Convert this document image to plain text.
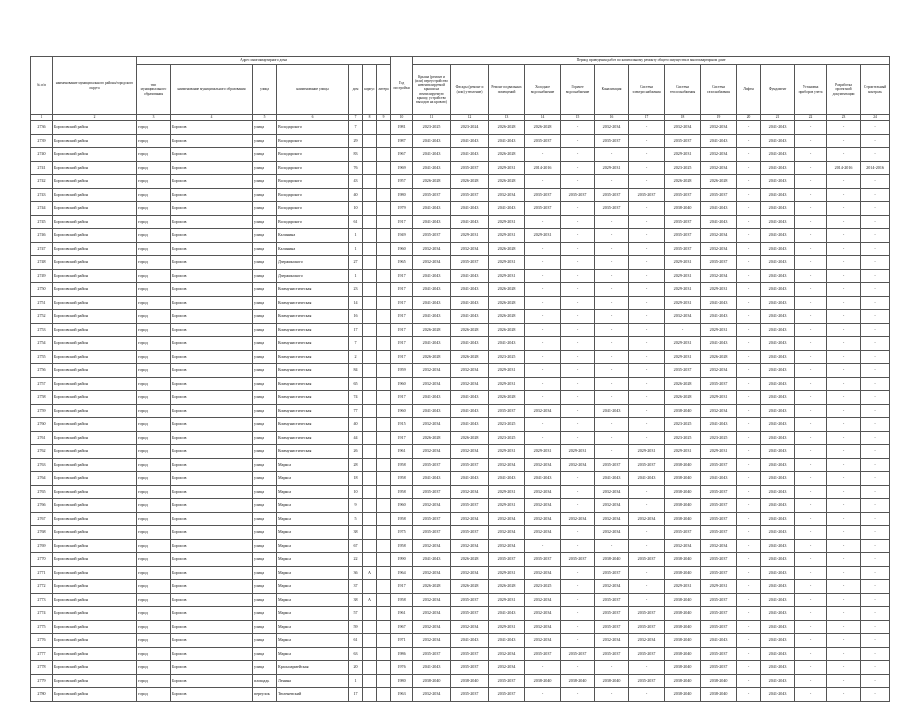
№ п/п	наименование муниципального района/городского округа	Адрес многоквартирного дома							Год постройки	Период проведения работ по капитальному ремонту общего имущества в многоквартирном доме													
		тип муниципального образования	наименование муниципального образования	улица	наименование улицы	дом	корпус	литера		Крыша (ремонт и (или) переустройство невентилируемой крыши на вентилируемую крышу, устройство выходов на кровлю)	Фасады (ремонт и (или) утепление)	Ремонт подвальных помещений	Холодное водоснабжение	Горячее водоснабжение	Канализация	Система электроснабжения	Система теплоснабжения	Система газоснабжения	Лифты	Фундамент	Установка приборов учета	Разработка проектной документации	Строительный контроль
1	2	3	4	5	6	7	8	9	10	11	12	13	14	15	16	17	18	19	20	21	22	23	24
2736	Борисовский район	город	Борисов	улица	Володарского	7			1981	2023-2025	2023-2024	2026-2028	2026-2028	-	2032-2034	-	2032-2034	2032-2034	-	2041-2043	-	-	-
2739	Борисовский район	город	Борисов	улица	Володарского	29			1987	2041-2043	2041-2043	2041-2043	2035-2037	-	2035-2037	-	2035-2037	2041-2043	-	2041-2043	-	-	-
2740	Борисовский район	город	Борисов	улица	Володарского	83			1967	2041-2043	2041-2043	2026-2028	-	-	-	-	2029-2031	2032-2034	-	2041-2043	-	-	-
2741	Борисовский район	город	Борисов	улица	Володарского	76			1969	2041-2043	2035-2037	2029-2031	2014-2016	-	2029-2031	-	2023-2025	2032-2034	-	2041-2043	-	2014-2016	2014-2016
2742	Борисовский район	город	Борисов	улица	Володарского	43			1957	2026-2028	2026-2028	2026-2028	-	-	-	-	2026-2028	2026-2028	-	2041-2043	-	-	-
2743	Борисовский район	город	Борисов	улица	Володарского	40			1980	2035-2037	2035-2037	2032-2034	2035-2037	2035-2037	2035-2037	2035-2037	2035-2037	2035-2037	-	2041-2043	-	-	-
2744	Борисовский район	город	Борисов	улица	Володарского	10			1979	2041-2043	2041-2043	2041-2043	2035-2037	-	2035-2037	-	2038-2040	2041-2043	-	2041-2043	-	-	-
2745	Борисовский район	город	Борисов	улица	Володарского	61			1917	2041-2043	2041-2043	2029-2031	-	-	-	-	2035-2037	2041-2043	-	2041-2043	-	-	-
2746	Борисовский район	город	Борисов	улица	Калинина	1			1949	2035-2037	2029-2031	2029-2031	2029-2031	-	-	-	2035-2037	2032-2034	-	2041-2043	-	-	-
2747	Борисовский район	город	Борисов	улица	Калинина	1			1960	2032-2034	2032-2034	2026-2028	-	-	-	-	2035-2037	2032-2034	-	2041-2043	-	-	-
2748	Борисовский район	город	Борисов	улица	Дзержинского	27			1965	2032-2034	2035-2037	2029-2031	-	-	-	-	2029-2031	2035-2037	-	2041-2043	-	-	-
2749	Борисовский район	город	Борисов	улица	Дзержинского	1			1917	2041-2043	2041-2043	2029-2031	-	-	-	-	2029-2031	2032-2034	-	2041-2043	-	-	-
2750	Борисовский район	город	Борисов	улица	Коммунистическая	23			1917	2041-2043	2041-2043	2026-2028	-	-	-	-	2029-2031	2029-2031	-	2041-2043	-	-	-
2751	Борисовский район	город	Борисов	улица	Коммунистическая	14			1917	2041-2043	2041-2043	2026-2028	-	-	-	-	2029-2031	2041-2043	-	2041-2043	-	-	-
2752	Борисовский район	город	Борисов	улица	Коммунистическая	16			1917	2041-2043	2041-2043	2026-2028	-	-	-	-	2032-2034	2041-2043	-	2041-2043	-	-	-
2753	Борисовский район	город	Борисов	улица	Коммунистическая	17			1917	2026-2028	2026-2028	2026-2028	-	-	-	-	-	2029-2031	-	2041-2043	-	-	-
2754	Борисовский район	город	Борисов	улица	Коммунистическая	7			1917	2041-2043	2041-2043	2041-2043	-	-	-	-	2029-2031	2041-2043	-	2041-2043	-	-	-
2755	Борисовский район	город	Борисов	улица	Коммунистическая	2			1917	2026-2028	2026-2028	2023-2025	-	-	-	-	2029-2031	2026-2028	-	2041-2043	-	-	-
2756	Борисовский район	город	Борисов	улица	Коммунистическая	84			1959	2032-2034	2032-2034	2029-2031	-	-	-	-	2035-2037	2032-2034	-	2041-2043	-	-	-
2757	Борисовский район	город	Борисов	улица	Коммунистическая	65			1960	2032-2034	2032-2034	2029-2031	-	-	-	-	2026-2028	2035-2037	-	2041-2043	-	-	-
2758	Борисовский район	город	Борисов	улица	Коммунистическая	74			1917	2041-2043	2041-2043	2026-2028	-	-	-	-	2026-2028	2029-2031	-	2041-2043	-	-	-
2759	Борисовский район	город	Борисов	улица	Коммунистическая	77			1960	2041-2043	2041-2043	2035-2037	2032-2034	-	2041-2043	-	2038-2040	2032-2034	-	2041-2043	-	-	-
2760	Борисовский район	город	Борисов	улица	Коммунистическая	40			1915	2032-2034	2041-2043	2023-2025	-	-	-	-	2023-2025	2041-2043	-	2041-2043	-	-	-
2761	Борисовский район	город	Борисов	улица	Коммунистическая	44			1917	2026-2028	2026-2028	2023-2025	-	-	-	-	2023-2025	2023-2025	-	2041-2043	-	-	-
2762	Борисовский район	город	Борисов	улица	Коммунистическая	26			1961	2032-2034	2032-2034	2029-2031	2029-2031	2029-2031	-	2029-2031	2029-2031	2029-2031	-	2041-2043	-	-	-
2763	Борисовский район	город	Борисов	улица	Маркса	28			1958	2035-2037	2035-2037	2032-2034	2032-2034	2032-2034	2035-2037	2035-2037	2038-2040	2035-2037	-	2041-2043	-	-	-
2764	Борисовский район	город	Борисов	улица	Маркса	18			1958	2041-2043	2041-2043	2041-2043	2041-2043	-	2041-2043	2041-2043	2038-2040	2041-2043	-	2041-2043	-	-	-
2765	Борисовский район	город	Борисов	улица	Маркса	10			1958	2035-2037	2032-2034	2029-2031	2032-2034	-	2032-2034	-	2038-2040	2035-2037	-	2041-2043	-	-	-
2766	Борисовский район	город	Борисов	улица	Маркса	9			1960	2032-2034	2035-2037	2029-2031	2032-2034	-	2032-2034	-	2038-2040	2035-2037	-	2041-2043	-	-	-
2767	Борисовский район	город	Борисов	улица	Маркса	5			1958	2035-2037	2032-2034	2032-2034	2032-2034	2032-2034	2032-2034	2032-2034	2038-2040	2035-2037	-	2041-2043	-	-	-
2768	Борисовский район	город	Борисов	улица	Маркса	38			1975	2035-2037	2035-2037	2032-2034	2032-2034	-	2032-2034	-	2035-2037	2035-2037	-	2041-2043	-	-	-
2769	Борисовский район	город	Борисов	улица	Маркса	67			1958	2032-2034	2032-2034	2032-2034	-	-	-	-	2032-2034	2032-2034	-	2041-2043	-	-	-
2770	Борисовский район	город	Борисов	улица	Маркса	22			1990	2041-2043	2026-2028	2035-2037	2035-2037	2035-2037	2038-2040	2035-2037	2038-2040	2035-2037	-	2041-2043	-	-	-
2771	Борисовский район	город	Борисов	улица	Маркса	36	А		1964	2032-2034	2032-2034	2029-2031	2032-2034	-	2035-2037	-	2038-2040	2035-2037	-	2041-2043	-	-	-
2772	Борисовский район	город	Борисов	улица	Маркса	37			1917	2026-2028	2026-2028	2026-2028	2023-2025	-	2032-2034	-	2029-2031	2029-2031	-	2041-2043	-	-	-
2773	Борисовский район	город	Борисов	улица	Маркса	38	А		1958	2032-2034	2035-2037	2029-2031	2032-2034	-	2035-2037	-	2038-2040	2035-2037	-	2041-2043	-	-	-
2774	Борисовский район	город	Борисов	улица	Маркса	57			1961	2032-2034	2035-2037	2041-2043	2032-2034	-	2035-2037	2035-2037	2038-2040	2035-2037	-	2041-2043	-	-	-
2775	Борисовский район	город	Борисов	улица	Маркса	59			1967	2032-2034	2032-2034	2029-2031	2032-2034	-	2035-2037	2035-2037	2038-2040	2035-2037	-	2041-2043	-	-	-
2776	Борисовский район	город	Борисов	улица	Маркса	61			1971	2032-2034	2041-2043	2041-2043	2032-2034	-	2032-2034	2032-2034	2038-2040	2041-2043	-	2041-2043	-	-	-
2777	Борисовский район	город	Борисов	улица	Маркса	63			1986	2035-2037	2035-2037	2032-2034	2035-2037	2035-2037	2035-2037	2035-2037	2038-2040	2035-2037	-	2041-2043	-	-	-
2778	Борисовский район	город	Борисов	улица	Красноармейская	20			1976	2041-2043	2035-2037	2032-2034	-	-	-	-	2038-2040	2035-2037	-	2041-2043	-	-	-
2779	Борисовский район	город	Борисов	площадь	Ленина	1			1980	2038-2040	2038-2040	2035-2037	2038-2040	2038-2040	2038-2040	2035-2037	2038-2040	2038-2040	-	2041-2043	-	-	-
2780	Борисовский район	город	Борисов	переулок	Тюленевский	17			1963	2032-2034	2035-2037	2035-2037	-	-	-	-	2038-2040	2038-2040	-	2041-2043	-	-	-
